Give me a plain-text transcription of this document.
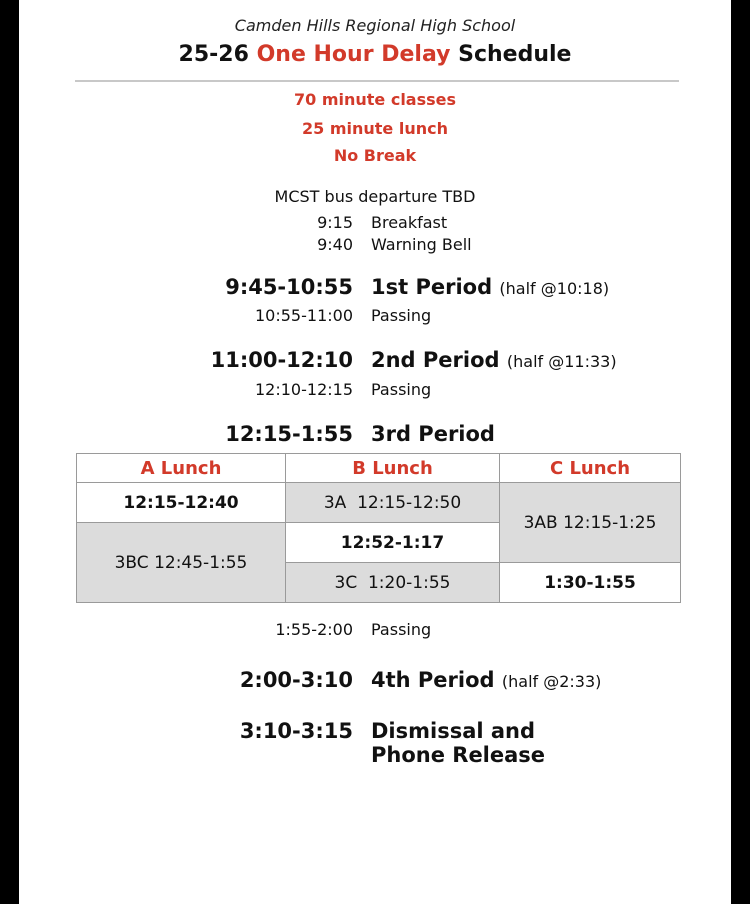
Camden Hills Regional High School
25-26 One Hour Delay Schedule
70 minute classes
25 minute lunch
No Break
MCST bus departure TBD
9:15 Breakfast
9:40 Warning Bell
9:45-10:55 1st Period (half @10:18)
10:55-11:00 Passing
11:00-12:10 2nd Period (half @11:33)
12:10-12:15 Passing
12:15-1:55 3rd Period
A Lunch	B Lunch	C Lunch
12:15-12:40	3A  12:15-12:50	3AB 12:15-1:25
3BC 12:45-1:55	12:52-1:17	
	3C  1:20-1:55	1:30-1:55
1:55-2:00 Passing
2:00-3:10 4th Period (half @2:33)
3:10-3:15 Dismissal and
Phone Release
